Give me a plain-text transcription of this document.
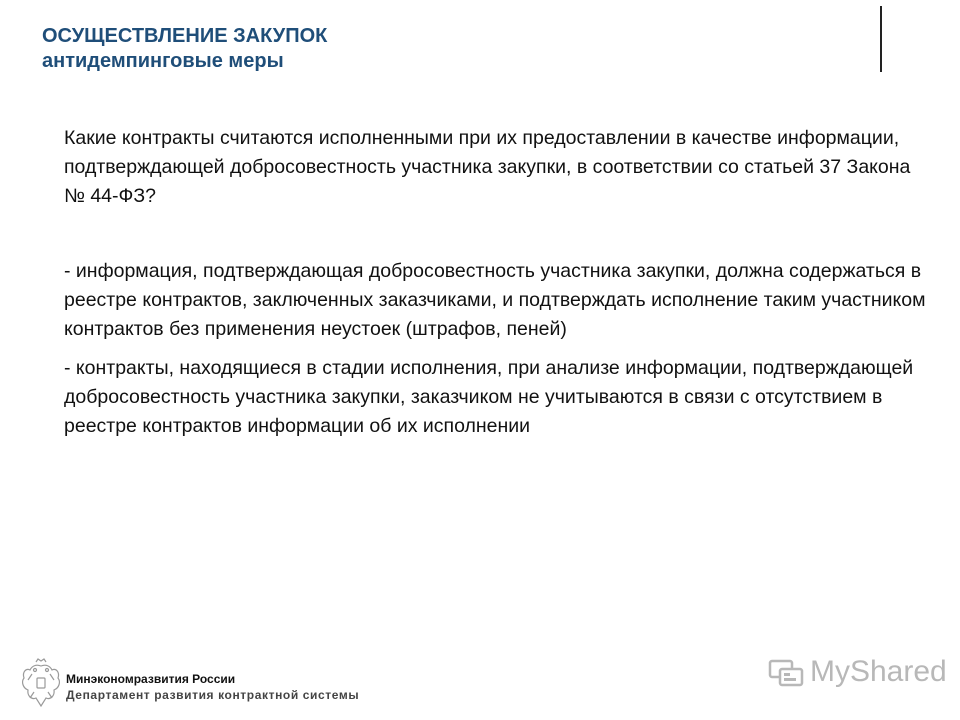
ОСУЩЕСТВЛЕНИЕ ЗАКУПОК

антидемпинговые меры

Какие контракты считаются исполненными при их предоставлении в качестве информации, подтверждающей добросовестность участника закупки, в соответствии со статьей 37 Закона № 44-ФЗ?

- информация, подтверждающая добросовестность участника закупки, должна содержаться в реестре контрактов, заключенных заказчиками, и подтверждать исполнение таким участником контрактов без применения неустоек (штрафов, пеней)

- контракты, находящиеся в стадии исполнения, при анализе информации, подтверждающей добросовестность участника закупки, заказчиком не учитываются в связи с отсутствием в реестре контрактов информации об их исполнении

Минэкономразвития России
Департамент развития контрактной системы
MyShared
